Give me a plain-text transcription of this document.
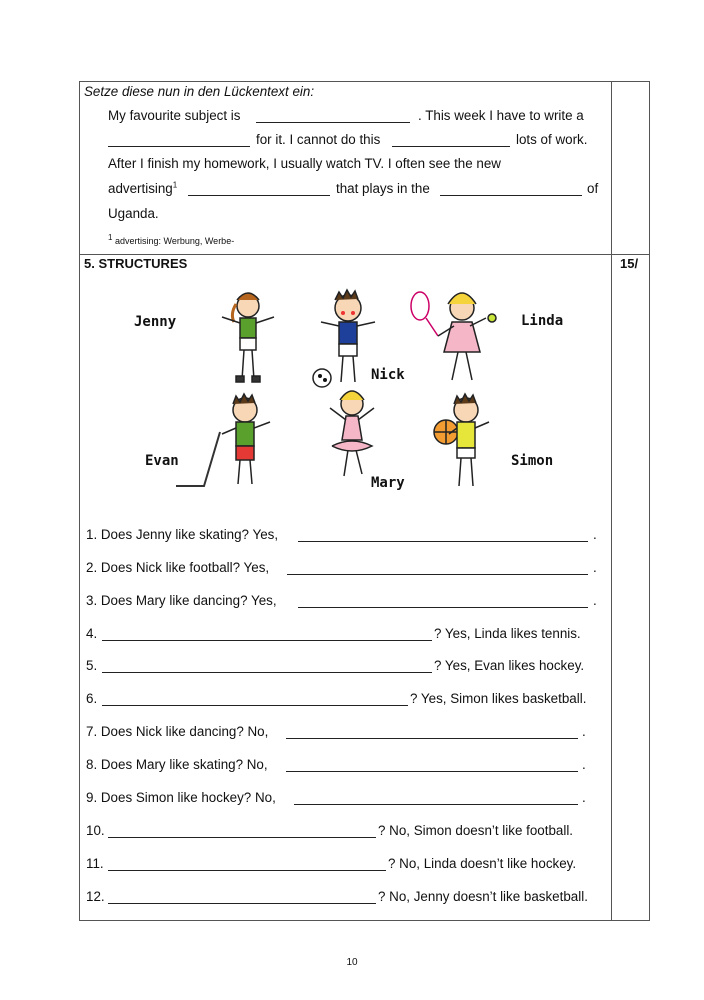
Setze diese nun in den Lückentext ein:
My favourite subject is	. This week I have to write a
for it. I cannot do this	lots of work.
After I finish my homework, I usually watch TV. I often see the new
advertising$^1$	that plays in the	of
Uganda.
1 advertising: Werbung, Werbe-
5. STRUCTURES	15/
Jenny
Nick
Linda
Evan
Mary
Simon
1. Does Jenny like skating? Yes,	.
2. Does Nick like football? Yes,	.
3. Does Mary like dancing? Yes,	.
4.	? Yes, Linda likes tennis.
5.	? Yes, Evan likes hockey.
6.	? Yes, Simon likes basketball.
7. Does Nick like dancing? No,	.
8. Does Mary like skating? No,	.
9. Does Simon like hockey? No,	.
10.	? No, Simon doesn’t like football.
11.	? No, Linda doesn’t like hockey.
12.	? No, Jenny doesn’t like basketball.
10
